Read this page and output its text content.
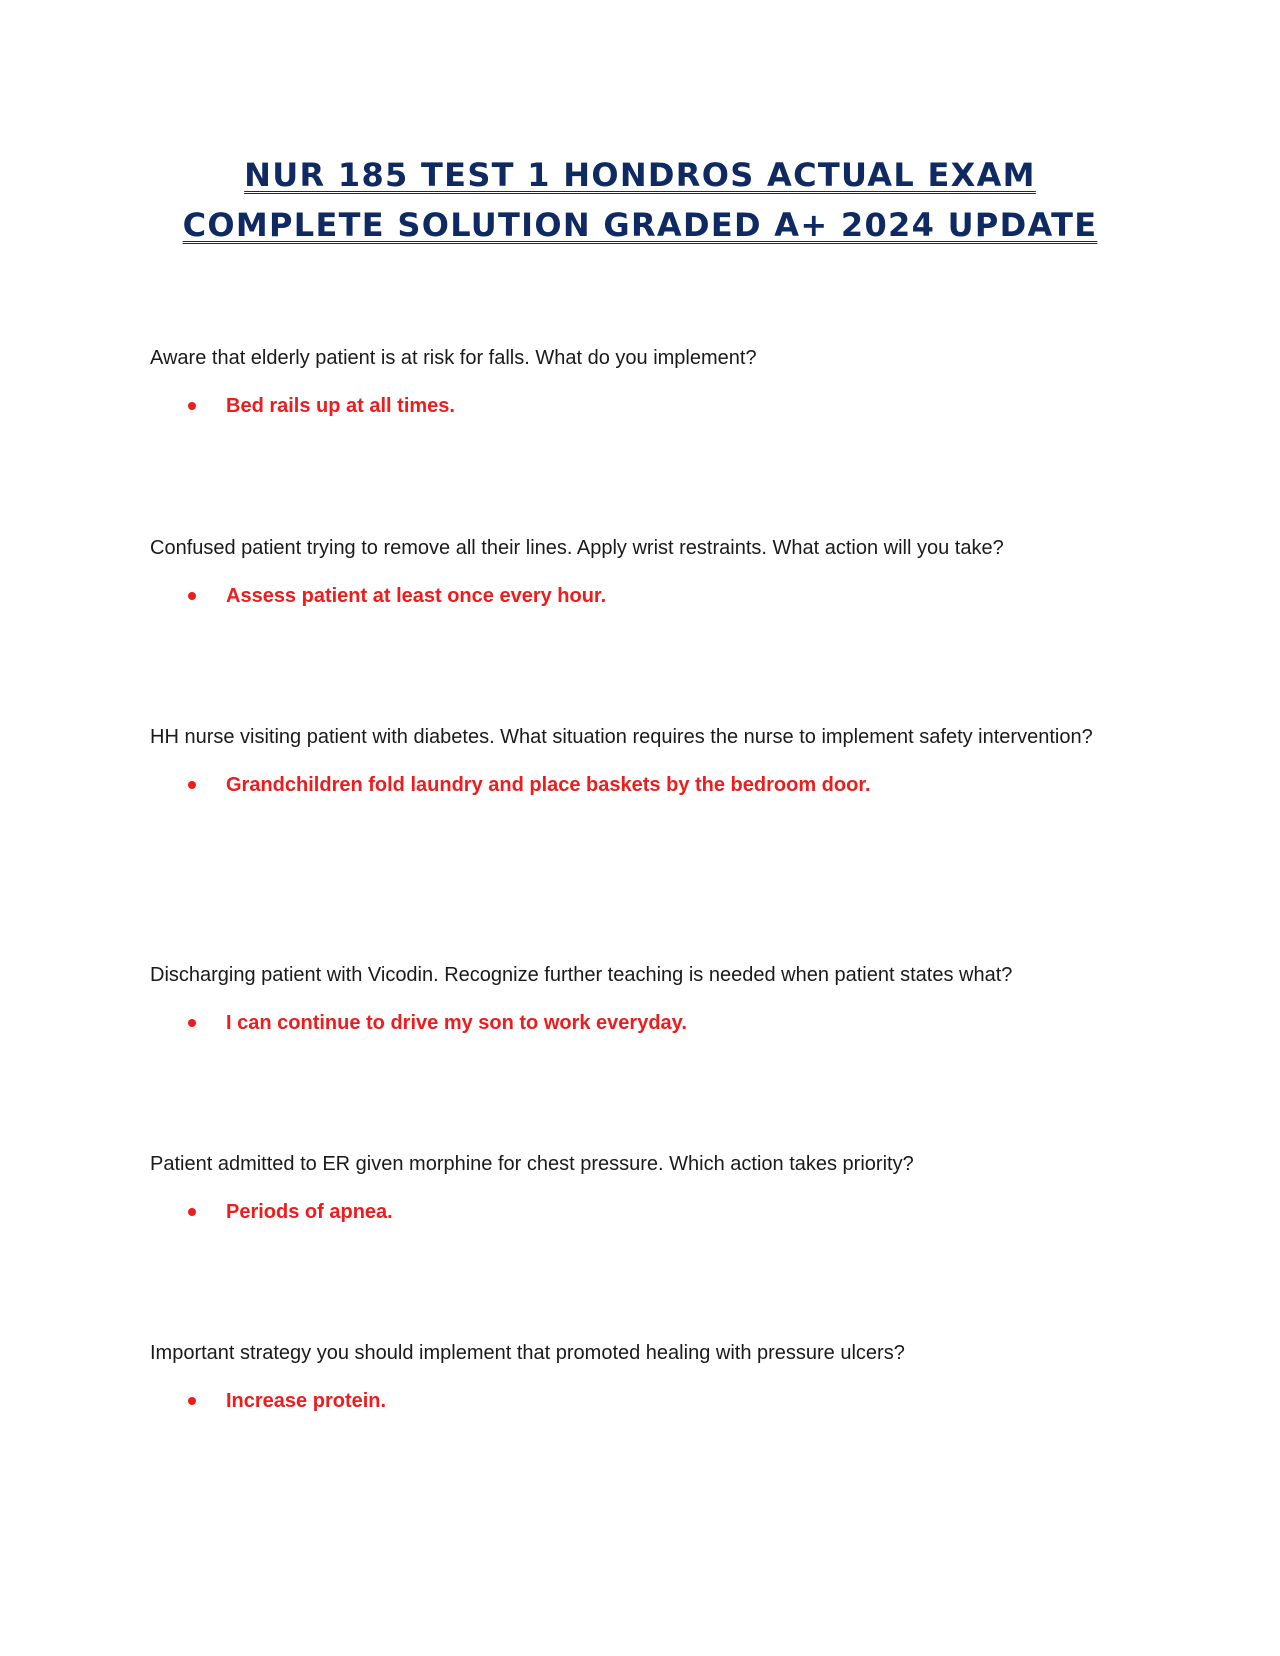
NUR 185 TEST 1 HONDROS ACTUAL EXAM
COMPLETE SOLUTION GRADED A+ 2024 UPDATE

Aware that elderly patient is at risk for falls. What do you implement?

Bed rails up at all times.

Confused patient trying to remove all their lines. Apply wrist restraints. What action will you take?

Assess patient at least once every hour.

HH nurse visiting patient with diabetes. What situation requires the nurse to implement safety intervention?

Grandchildren fold laundry and place baskets by the bedroom door.

Discharging patient with Vicodin. Recognize further teaching is needed when patient states what?

I can continue to drive my son to work everyday.

Patient admitted to ER given morphine for chest pressure. Which action takes priority?

Periods of apnea.

Important strategy you should implement that promoted healing with pressure ulcers?

Increase protein.
